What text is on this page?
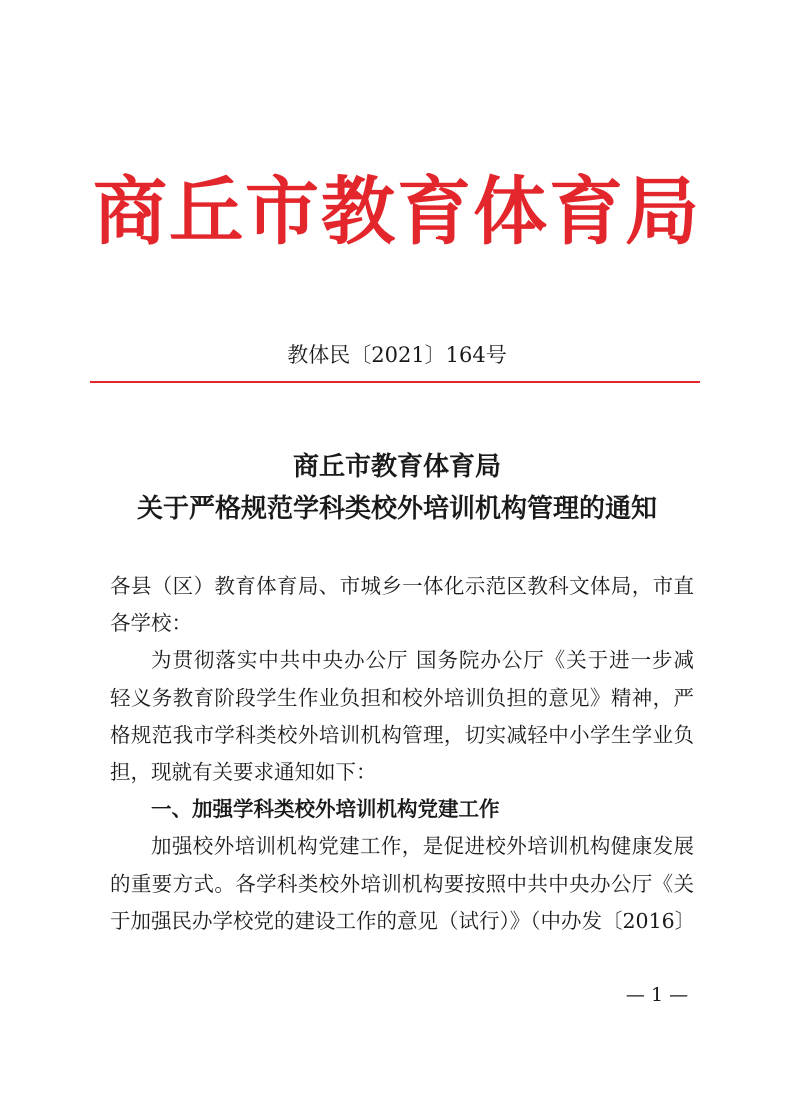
商丘市教育体育局
教体民〔2021〕164号
商丘市教育体育局
关于严格规范学科类校外培训机构管理的通知
各县（区）教育体育局、市城乡一体化示范区教科文体局，市直
各学校：
为贯彻落实中共中央办公厅 国务院办公厅《关于进一步减
轻义务教育阶段学生作业负担和校外培训负担的意见》精神，严
格规范我市学科类校外培训机构管理，切实减轻中小学生学业负
担，现就有关要求通知如下：
一、加强学科类校外培训机构党建工作
加强校外培训机构党建工作，是促进校外培训机构健康发展
的重要方式。各学科类校外培训机构要按照中共中央办公厅《关
于加强民办学校党的建设工作的意见（试行）》（中办发〔2016〕
— 1 —
